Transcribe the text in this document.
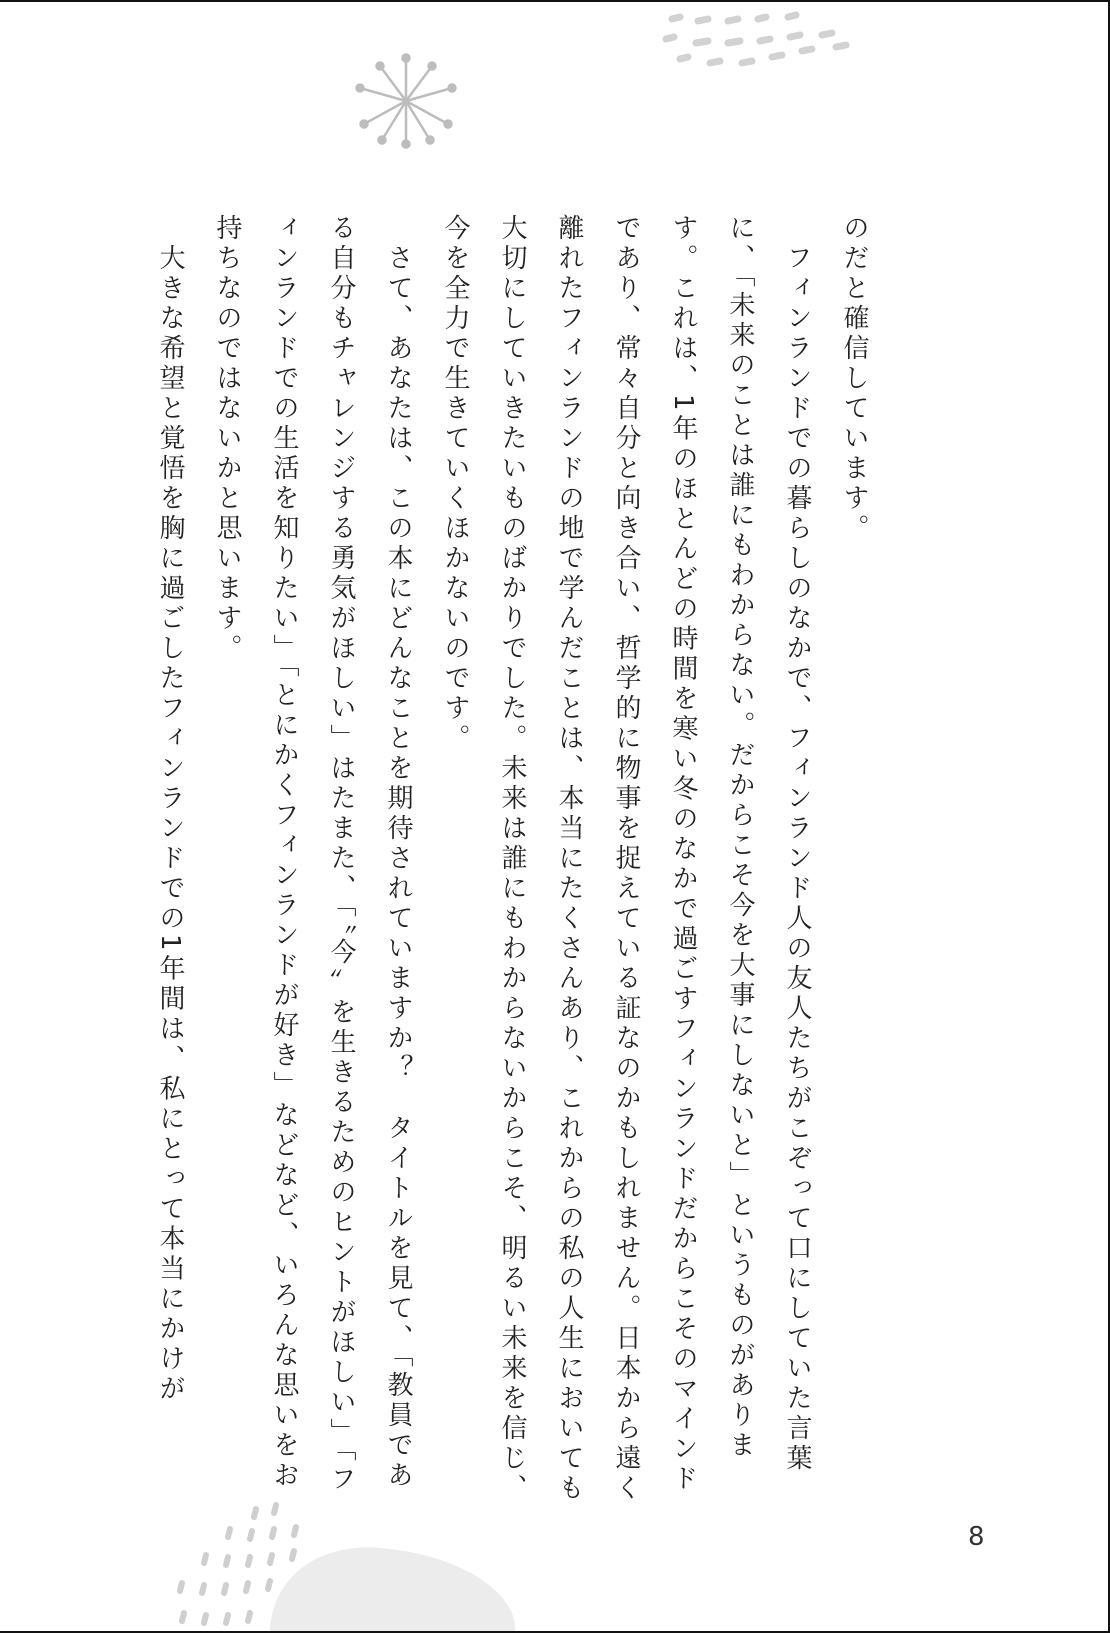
のだと確信しています。

　フィンランドでの暮らしのなかで、フィンランド人の友人たちがこぞって口にしていた言葉に、「未来のことは誰にもわからない。だからこそ今を大事にしないと」というものがあります。これは、1年のほとんどの時間を寒い冬のなかで過ごすフィンランドだからこそのマインドであり、常々自分と向き合い、哲学的に物事を捉えている証なのかもしれません。日本から遠く離れたフィンランドの地で学んだことは、本当にたくさんあり、これからの私の人生においても大切にしていきたいものばかりでした。未来は誰にもわからないからこそ、明るい未来を信じ、今を全力で生きていくほかないのです。

　さて、あなたは、この本にどんなことを期待されていますか？　タイトルを見て、「教員である自分もチャレンジする勇気がほしい」はたまた、「〝今〟を生きるためのヒントがほしい」「フィンランドでの生活を知りたい」「とにかくフィンランドが好き」などなど、いろんな思いをお持ちなのではないかと思います。

　大きな希望と覚悟を胸に過ごしたフィンランドでの1年間は、私にとって本当にかけが

8
